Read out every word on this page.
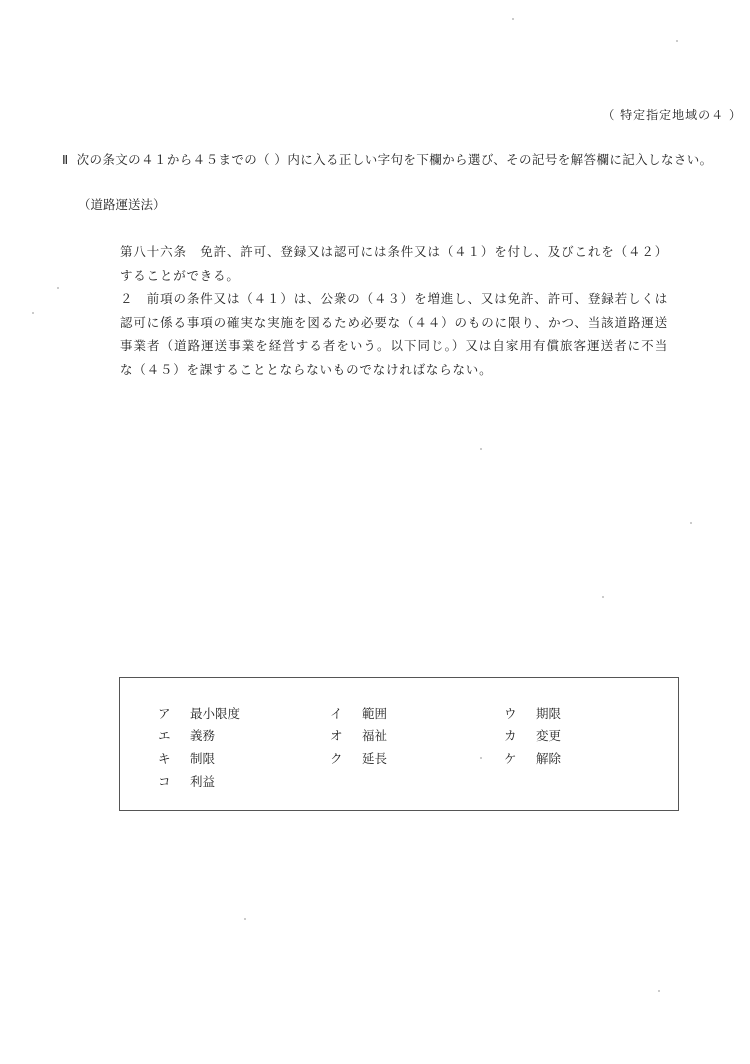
（ 特定指定地域の４ ）
Ⅱ 次の条文の４１から４５までの（ ）内に入る正しい字句を下欄から選び、その記号を解答欄に記入しなさい。
（道路運送法）

第八十六条　免許、許可、登録又は認可には条件又は（４１）を付し、及びこれを（４２）することができる。

２　前項の条件又は（４１）は、公衆の（４３）を増進し、又は免許、許可、登録若しくは認可に係る事項の確実な実施を図るため必要な（４４）のものに限り、かつ、当該道路運送事業者（道路運送事業を経営する者をいう。以下同じ。）又は自家用有償旅客運送者に不当な（４５）を課することとならないものでなければならない。

ア 最小限度	イ 範囲	ウ 期限
エ 義務	オ 福祉	カ 変更
キ 制限	ク 延長	ケ 解除
コ 利益
